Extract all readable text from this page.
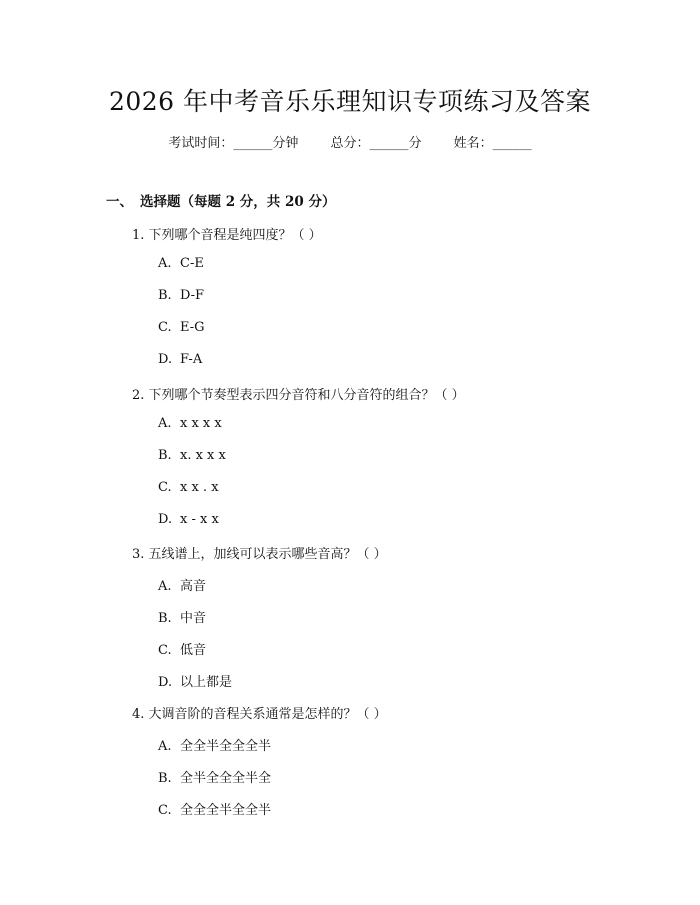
2026 年中考音乐乐理知识专项练习及答案
考试时间：______分钟 总分：______分 姓名：______
一、 选择题（每题 2 分，共 20 分）
1. 下列哪个音程是纯四度？（ ）
A. C-E
B. D-F
C. E-G
D. F-A
2. 下列哪个节奏型表示四分音符和八分音符的组合？（ ）
A. x x x x
B. x. x x x
C. x x . x
D. x - x x
3. 五线谱上，加线可以表示哪些音高？（ ）
A. 高音
B. 中音
C. 低音
D. 以上都是
4. 大调音阶的音程关系通常是怎样的？（ ）
A. 全全半全全全半
B. 全半全全全半全
C. 全全全半全全半
